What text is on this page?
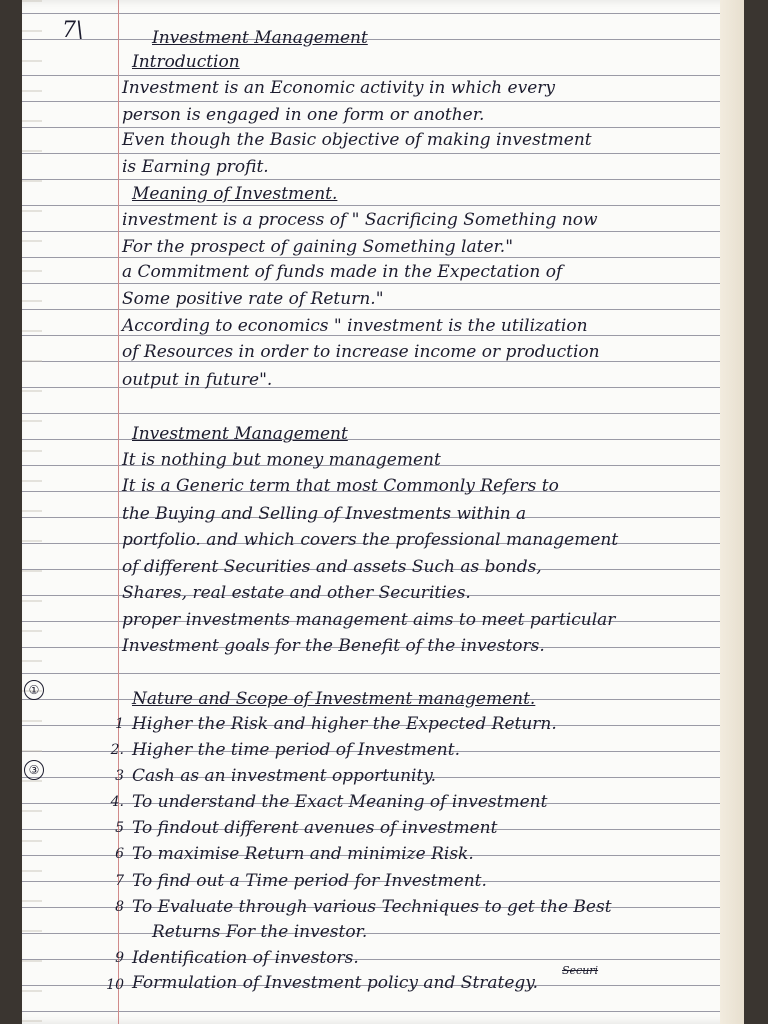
7\
①
③
Investment Management
Introduction
Investment is an Economic activity in which every
person is engaged in one form or another.
Even though the Basic objective of making investment
is Earning profit.
Meaning of Investment.
investment is a process of " Sacrificing Something now
For the prospect of gaining Something later."
a Commitment of funds made in the Expectation of
Some positive rate of Return."
According to economics " investment is the utilization
of Resources in order to increase income or production
output in future".
Investment Management
It is nothing but money management
It is a Generic term that most Commonly Refers to
the Buying and Selling of Investments within a
portfolio. and which covers the professional management
of different Securities and assets Such as bonds,
Shares, real estate and other Securities.
proper investments management aims to meet particular
Investment goals for the Benefit of the investors.
Nature and Scope of Investment management.
1 Higher the Risk and higher the Expected Return.
2. Higher the time period of Investment.
3 Cash as an investment opportunity.
4. To understand the Exact Meaning of investment
5 To findout different avenues of investment
6 To maximise Return and minimize Risk.
7 To find out a Time period for Investment.
8 To Evaluate through various Techniques to get the Best
Returns For the investor.
9 Identification of investors.
10 Formulation of Investment policy and Strategy.
Securi
